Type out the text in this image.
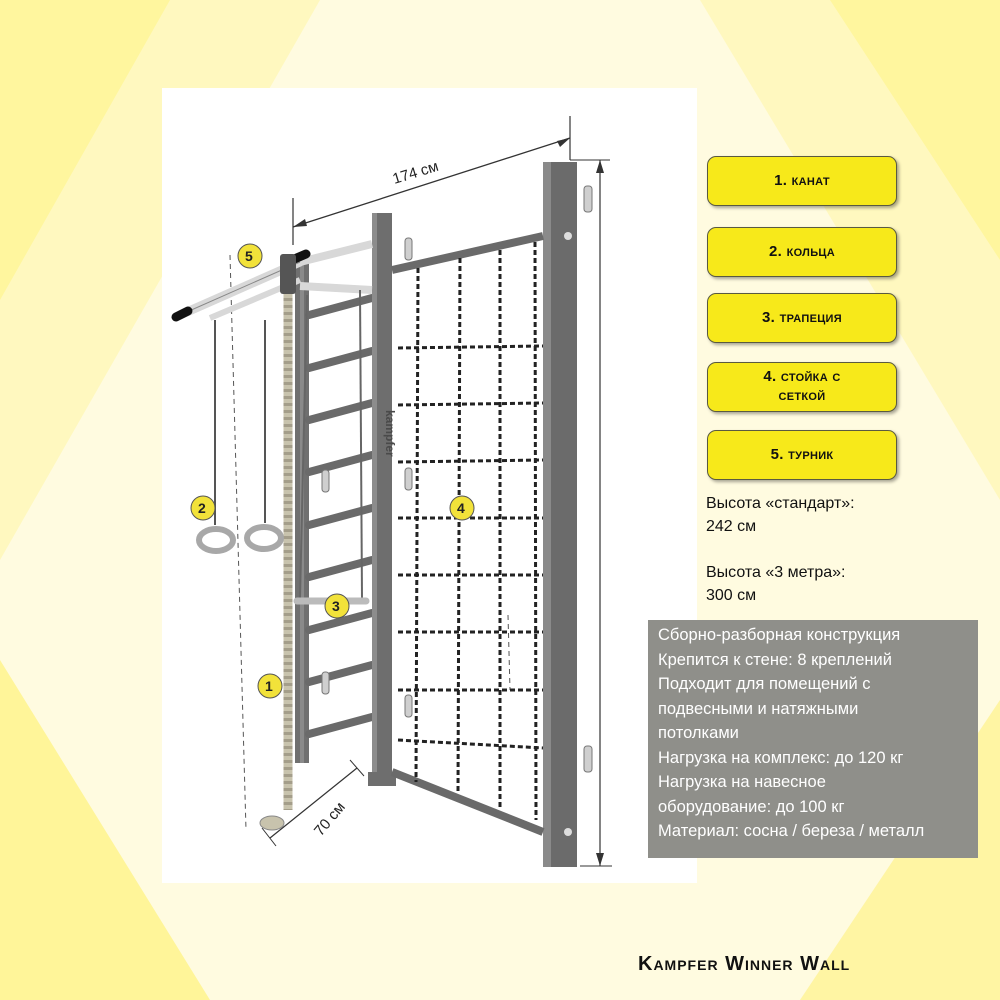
174 см
70 см
kampfer
5
2
3
4
1
1. канат
2. кольца
3. трапеция
4. стойка с
сеткой
5. турник
Высота «стандарт»:
242 см
Высота «3 метра»:
300 см
Сборно-разборная конструкция
Крепится к стене: 8 креплений
Подходит для помещений с
подвесными и натяжными
потолками
Нагрузка на комплекс: до 120 кг
Нагрузка на навесное
оборудование: до 100 кг
Материал: сосна / береза / металл
Kampfer Winner Wall
